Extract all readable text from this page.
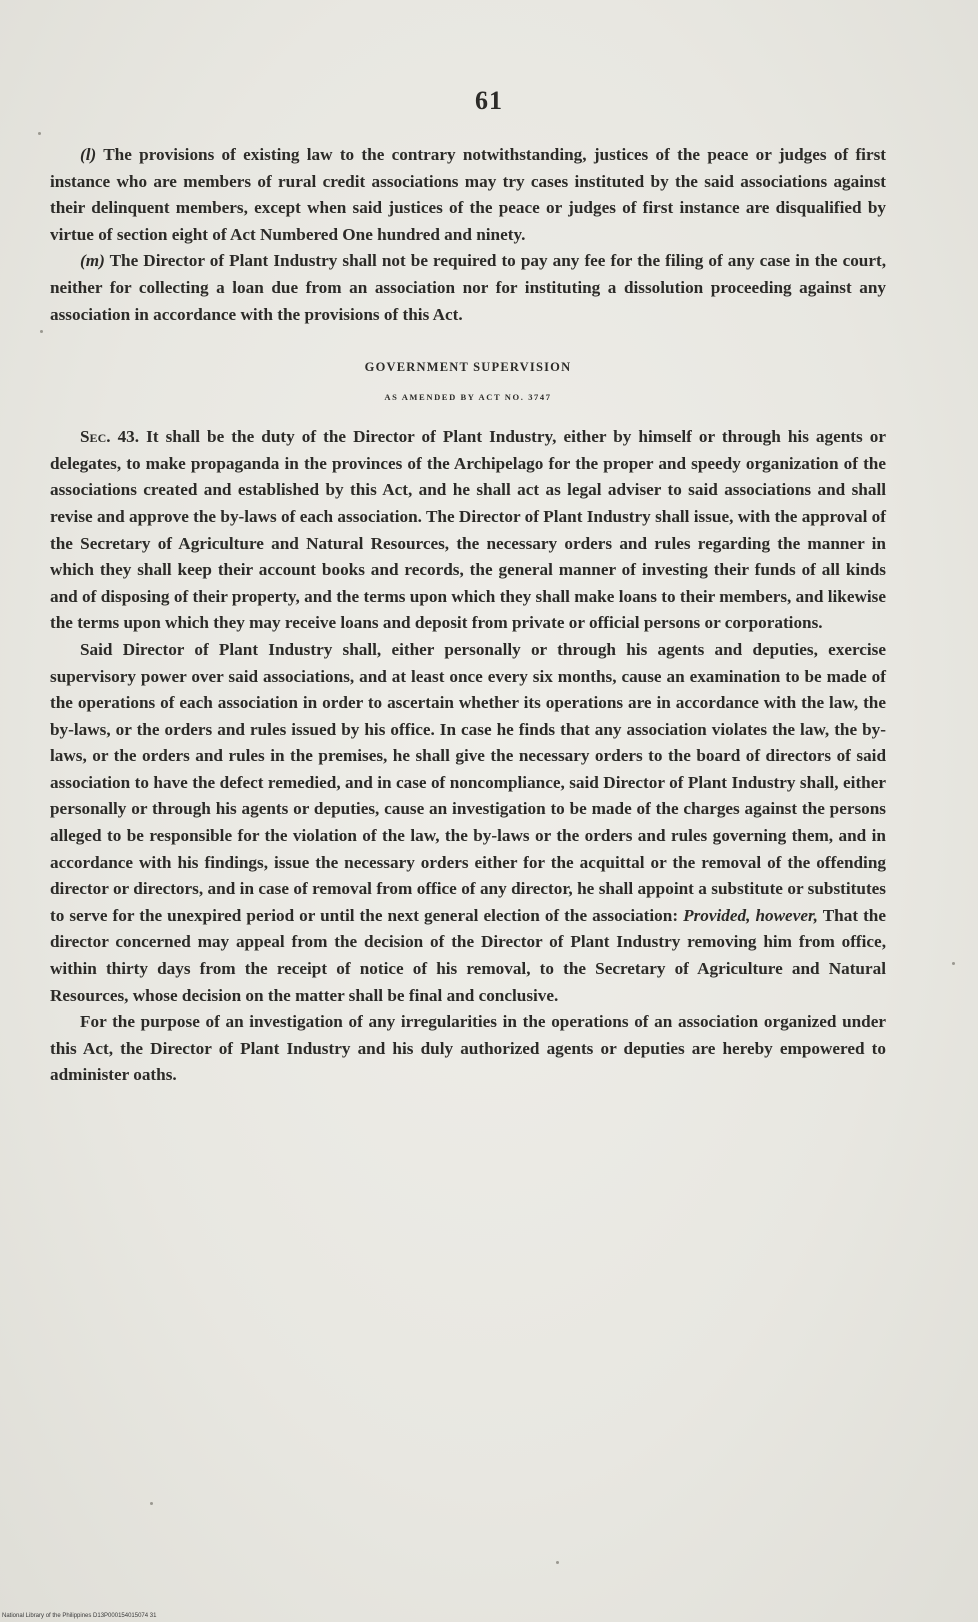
61

(l) The provisions of existing law to the contrary notwithstanding, justices of the peace or judges of first instance who are members of rural credit associations may try cases instituted by the said associations against their delinquent members, except when said justices of the peace or judges of first instance are disqualified by virtue of section eight of Act Numbered One hundred and ninety.

(m) The Director of Plant Industry shall not be required to pay any fee for the filing of any case in the court, neither for collecting a loan due from an association nor for instituting a dissolution proceeding against any association in accordance with the provisions of this Act.

GOVERNMENT SUPERVISION
AS AMENDED BY ACT NO. 3747

Sec. 43. It shall be the duty of the Director of Plant Industry, either by himself or through his agents or delegates, to make propaganda in the provinces of the Archipelago for the proper and speedy organization of the associations created and established by this Act, and he shall act as legal adviser to said associations and shall revise and approve the by-laws of each association. The Director of Plant Industry shall issue, with the approval of the Secretary of Agriculture and Natural Resources, the necessary orders and rules regarding the manner in which they shall keep their account books and records, the general manner of investing their funds of all kinds and of disposing of their property, and the terms upon which they shall make loans to their members, and likewise the terms upon which they may receive loans and deposit from private or official persons or corporations.

Said Director of Plant Industry shall, either personally or through his agents and deputies, exercise supervisory power over said associations, and at least once every six months, cause an examination to be made of the operations of each association in order to ascertain whether its operations are in accordance with the law, the by-laws, or the orders and rules issued by his office. In case he finds that any association violates the law, the by-laws, or the orders and rules in the premises, he shall give the necessary orders to the board of directors of said association to have the defect remedied, and in case of noncompliance, said Director of Plant Industry shall, either personally or through his agents or deputies, cause an investigation to be made of the charges against the persons alleged to be responsible for the violation of the law, the by-laws or the orders and rules governing them, and in accordance with his findings, issue the necessary orders either for the acquittal or the removal of the offending director or directors, and in case of removal from office of any director, he shall appoint a substitute or substitutes to serve for the unexpired period or until the next general election of the association: Provided, however, That the director concerned may appeal from the decision of the Director of Plant Industry removing him from office, within thirty days from the receipt of notice of his removal, to the Secretary of Agriculture and Natural Resources, whose decision on the matter shall be final and conclusive.

For the purpose of an investigation of any irregularities in the operations of an association organized under this Act, the Director of Plant Industry and his duly authorized agents or deputies are hereby empowered to administer oaths.

National Library of the Philippines D13P000154015074 31
